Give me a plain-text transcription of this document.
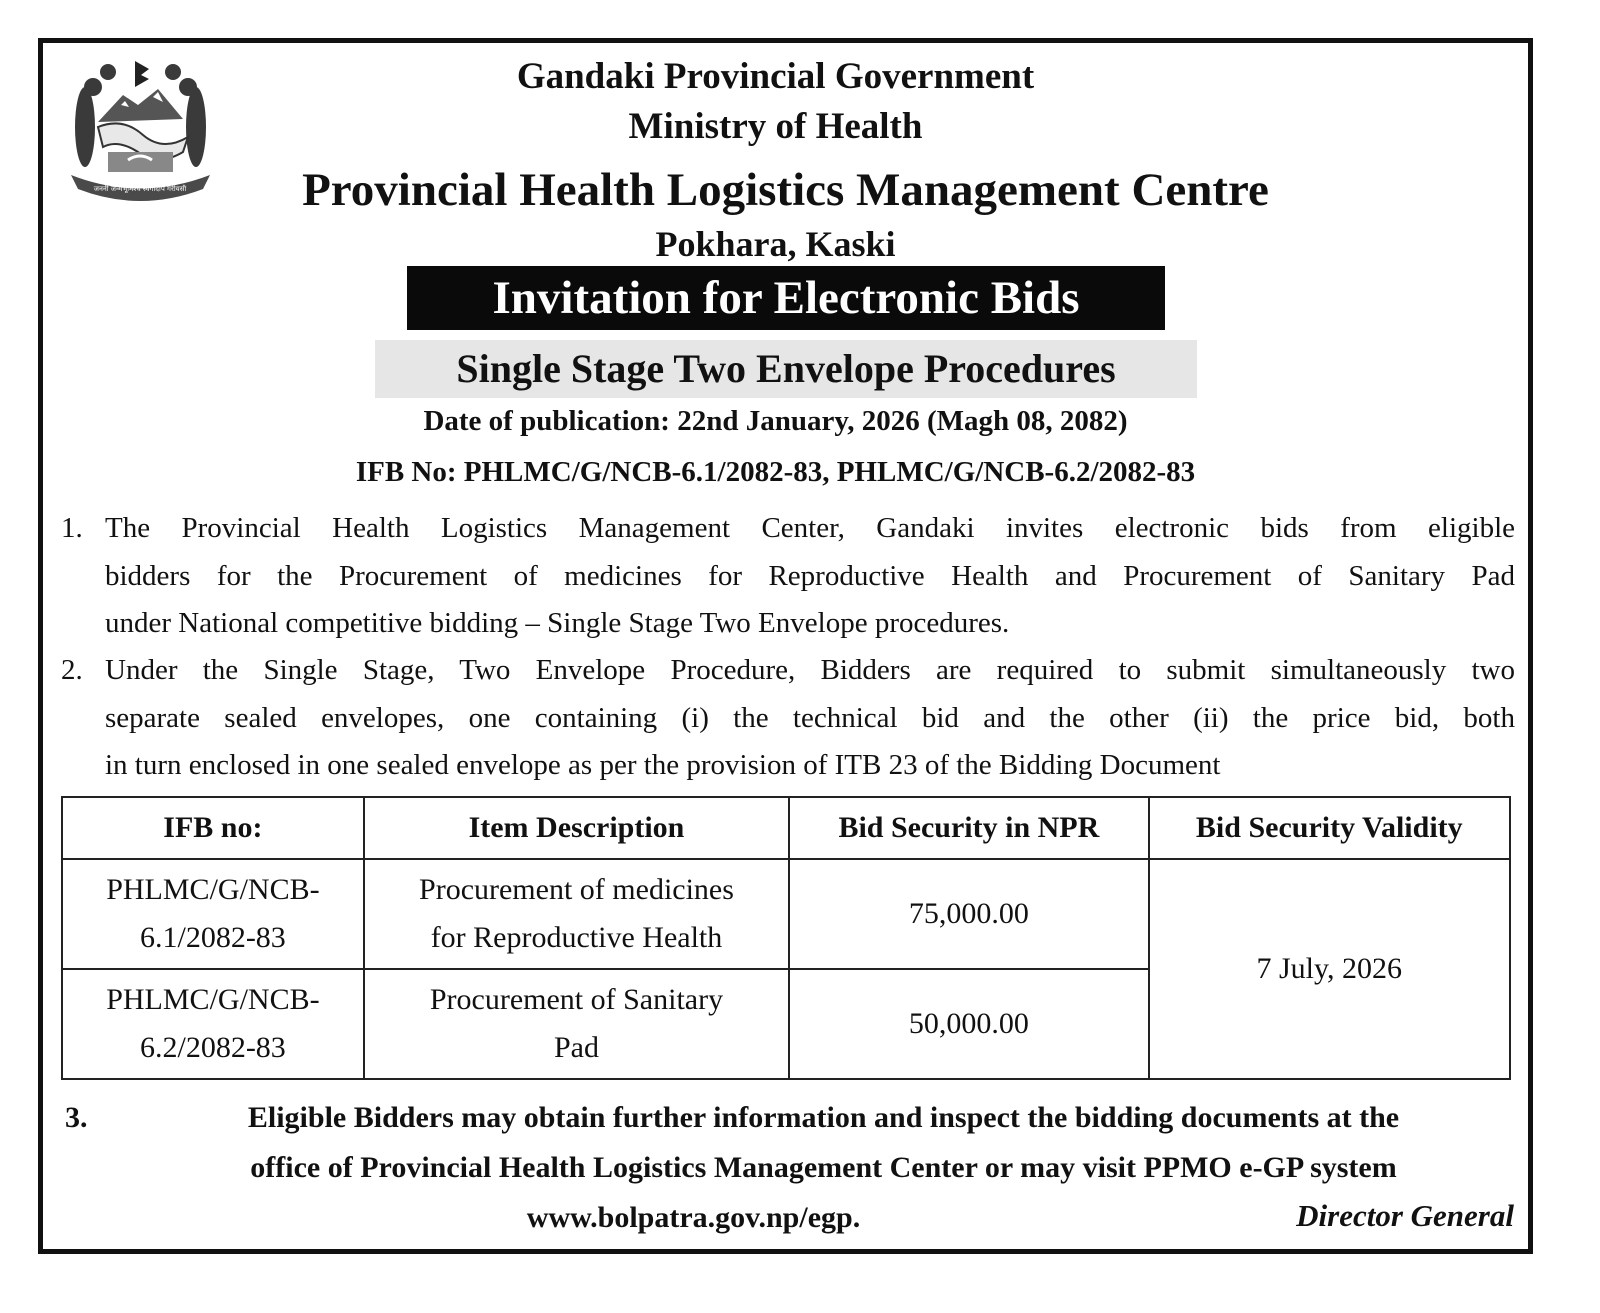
जननी जन्मभूमिश्च स्वर्गादपि गरीयसी
Gandaki Provincial Government
Ministry of Health
Provincial Health Logistics Management Centre
Pokhara, Kaski
Invitation for Electronic Bids
Single Stage Two Envelope Procedures
Date of publication: 22nd January, 2026 (Magh 08, 2082)
IFB No: PHLMC/G/NCB-6.1/2082-83, PHLMC/G/NCB-6.2/2082-83
1. The Provincial Health Logistics Management Center, Gandaki invites electronic bids from eligible
bidders for the Procurement of medicines for Reproductive Health and Procurement of Sanitary Pad
under National competitive bidding – Single Stage Two Envelope procedures.
2. Under the Single Stage, Two Envelope Procedure, Bidders are required to submit simultaneously two
separate sealed envelopes, one containing (i) the technical bid and the other (ii) the price bid, both
in turn enclosed in one sealed envelope as per the provision of ITB 23 of the Bidding Document
IFB no:	Item Description	Bid Security in NPR	Bid Security Validity
PHLMC/G/NCB-
6.1/2082-83	Procurement of medicines
for Reproductive Health	75,000.00	7 July, 2026
PHLMC/G/NCB-
6.2/2082-83	Procurement of Sanitary
Pad	50,000.00	
3.	Eligible Bidders may obtain further information and inspect the bidding documents at the
office of Provincial Health Logistics Management Center or may visit PPMO e-GP system
www.bolpatra.gov.np/egp.	Director General
